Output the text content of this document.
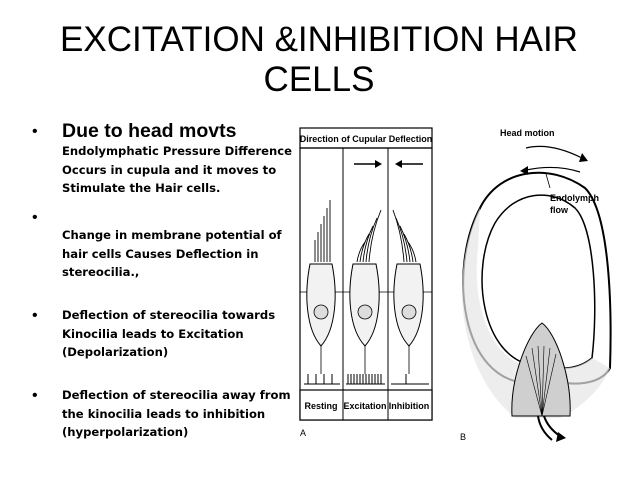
EXCITATION &INHIBITION HAIR CELLS
• Due to head movts
Endolymphatic Pressure Difference Occurs in cupula and it moves to Stimulate the Hair cells.
•
Change in membrane potential of hair cells Causes Deflection in stereocilia.,
• Deflection of stereocilia towards Kinocilia leads to Excitation (Depolarization)
• Deflection of stereocilia away from the kinocilia leads to inhibition (hyperpolarization)
Direction of Cupular Deflection
Resting Excitation Inhibition
A
Head motion
Endolymph
flow
B
